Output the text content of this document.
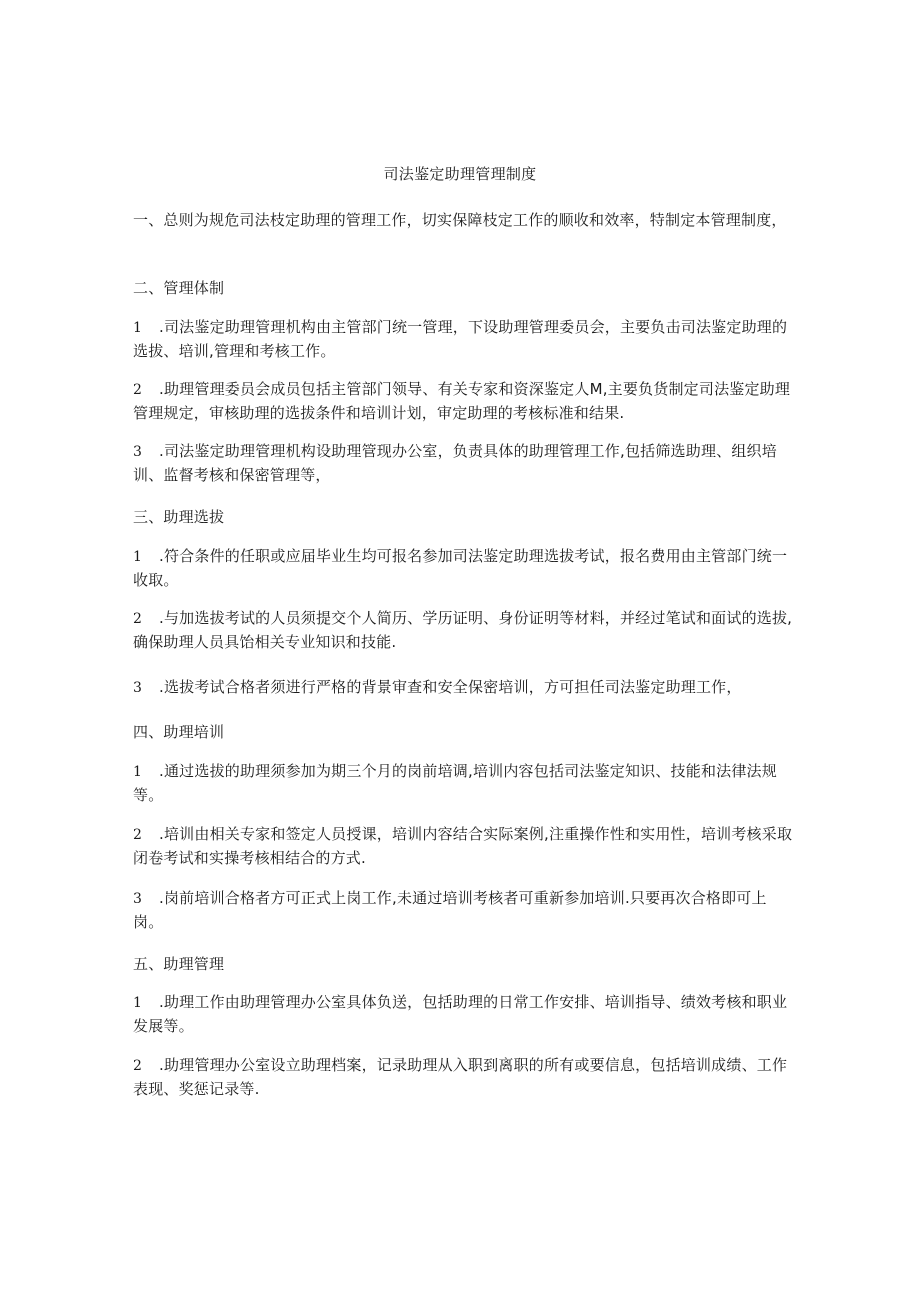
司法鉴定助理管理制度

一、总则为规危司法枝定助理的管理工作，切实保障枝定工作的顺收和效率，特制定本管理制度，

二、管理体制

1 .司法鉴定助理管理机构由主管部门统一管理，下设助理管理委员会，主要负击司法鉴定助理的选拔、培训,管理和考核工作。

2 .助理管理委员会成员包括主管部门领导、有关专家和资深鉴定人M,主要负货制定司法鉴定助理管理规定，审核助理的选拔条件和培训计划，审定助理的考核标准和结果.

3 .司法鉴定助理管理机构设助理管现办公室，负责具体的助理管理工作,包括筛选助理、组织培训、监督考核和保密管理等，

三、助理选拔

1 .符合条件的任职或应届毕业生均可报名参加司法鉴定助理选拔考试，报名费用由主管部门统一收取。

2 .与加选拔考试的人员须提交个人简历、学历证明、身份证明等材料，并经过笔试和面试的选拔,确保助理人员具饴相关专业知识和技能.

3 .选拔考试合格者须进行严格的背景审查和安全保密培训，方可担任司法鉴定助理工作，

四、助理培训

1 .通过选拔的助理须参加为期三个月的岗前培调,培训内容包括司法鉴定知识、技能和法律法规等。

2 .培训由相关专家和签定人员授课，培训内容结合实际案例,注重操作性和实用性，培训考核采取闭卷考试和实操考核相结合的方式.

3 .岗前培训合格者方可正式上岗工作,未通过培训考核者可重新参加培训.只要再次合格即可上岗。

五、助理管理

1 .助理工作由助理管理办公室具体负送，包括助理的日常工作安排、培训指导、绩效考核和职业发展等。

2 .助理管理办公室设立助理档案，记录助理从入职到离职的所有或要信息，包括培训成绩、工作表现、奖惩记录等.
